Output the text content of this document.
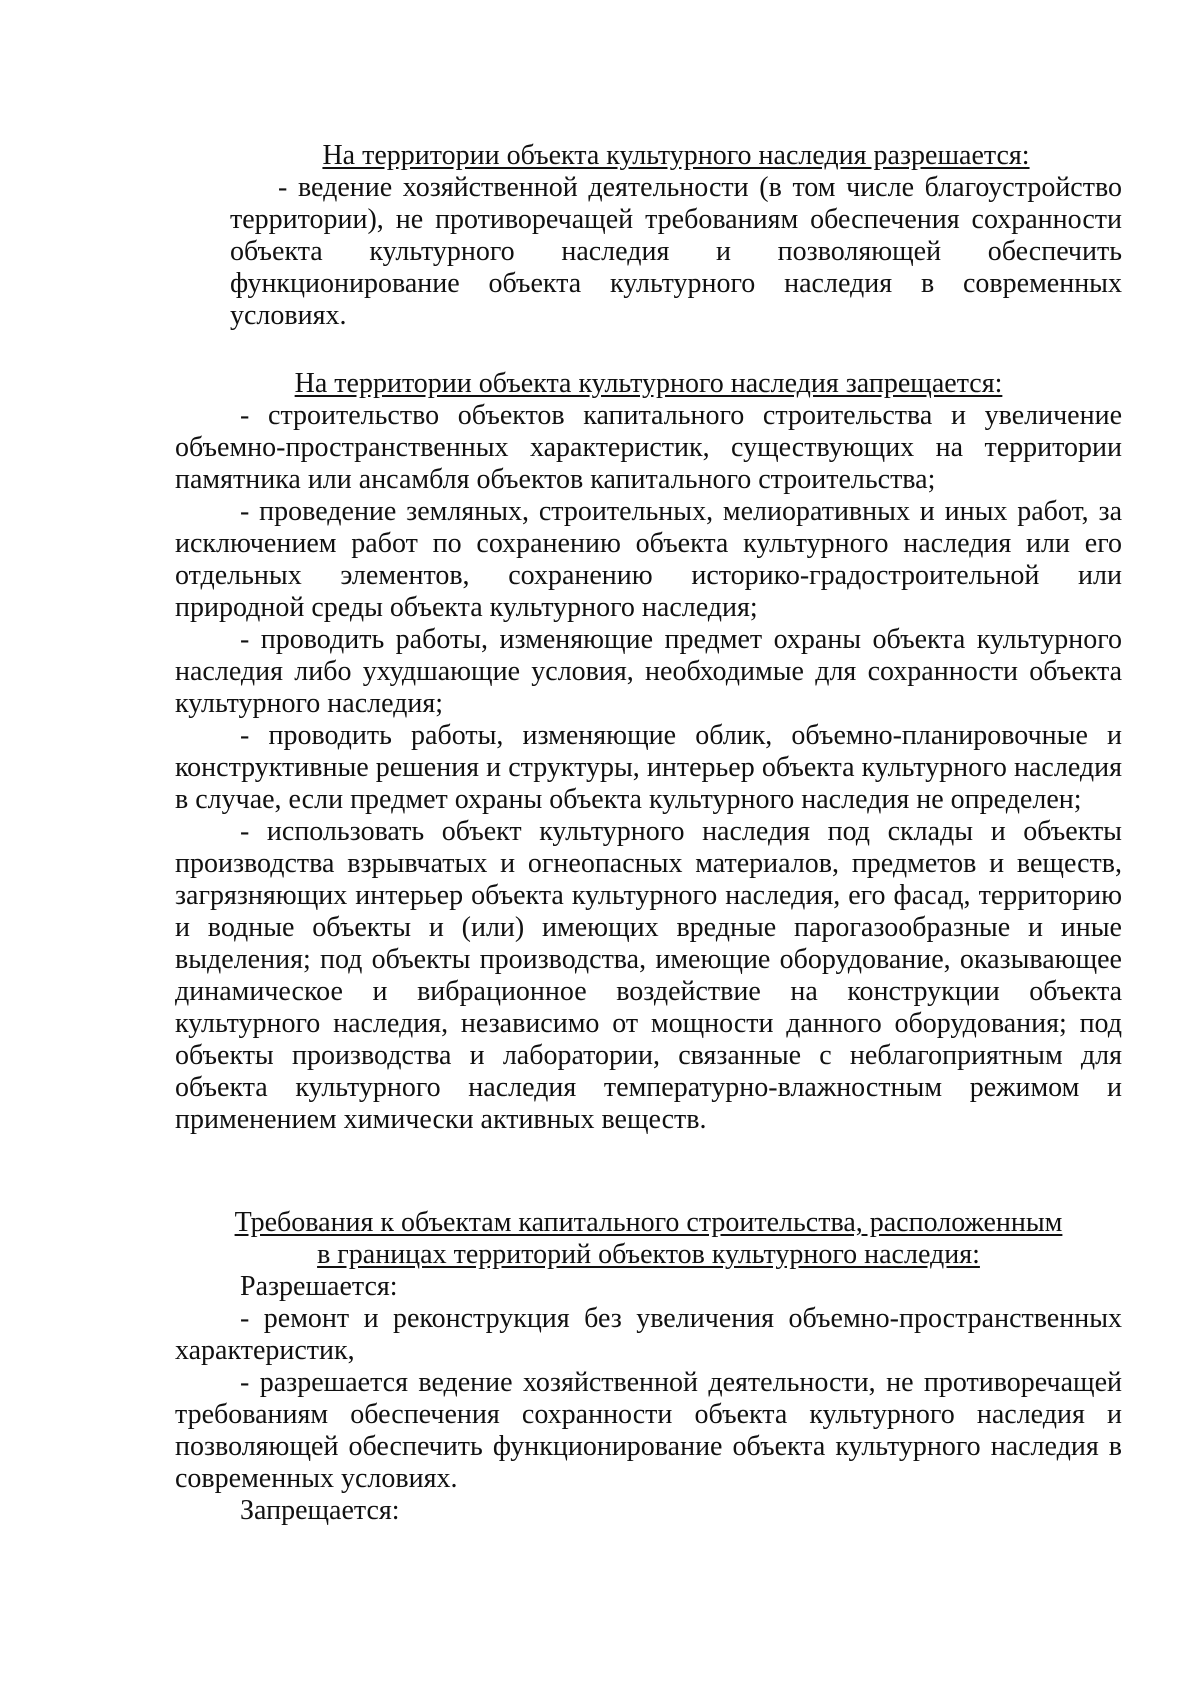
На территории объекта культурного наследия разрешается:

- ведение хозяйственной деятельности (в том числе благоустройство территории), не противоречащей требованиям обеспечения сохранности объекта культурного наследия и позволяющей обеспечить функционирование объекта культурного наследия в современных условиях.

На территории объекта культурного наследия запрещается:

- строительство объектов капитального строительства и увеличение объемно-пространственных характеристик, существующих на территории памятника или ансамбля объектов капитального строительства;

- проведение земляных, строительных, мелиоративных и иных работ, за исключением работ по сохранению объекта культурного наследия или его отдельных элементов, сохранению историко-градостроительной или природной среды объекта культурного наследия;

- проводить работы, изменяющие предмет охраны объекта культурного наследия либо ухудшающие условия, необходимые для сохранности объекта культурного наследия;

- проводить работы, изменяющие облик, объемно-планировочные и конструктивные решения и структуры, интерьер объекта культурного наследия в случае, если предмет охраны объекта культурного наследия не определен;

- использовать объект культурного наследия под склады и объекты производства взрывчатых и огнеопасных материалов, предметов и веществ, загрязняющих интерьер объекта культурного наследия, его фасад, территорию и водные объекты и (или) имеющих вредные парогазообразные и иные выделения; под объекты производства, имеющие оборудование, оказывающее динамическое и вибрационное воздействие на конструкции объекта культурного наследия, независимо от мощности данного оборудования; под объекты производства и лаборатории, связанные с неблагоприятным для объекта культурного наследия температурно-влажностным режимом и применением химически активных веществ.

Требования к объектам капитального строительства, расположенным

в границах территорий объектов культурного наследия:

Разрешается:

- ремонт и реконструкция без увеличения объемно-пространственных характеристик,

- разрешается ведение хозяйственной деятельности, не противоречащей требованиям обеспечения сохранности объекта культурного наследия и позволяющей обеспечить функционирование объекта культурного наследия в современных условиях.

Запрещается:
